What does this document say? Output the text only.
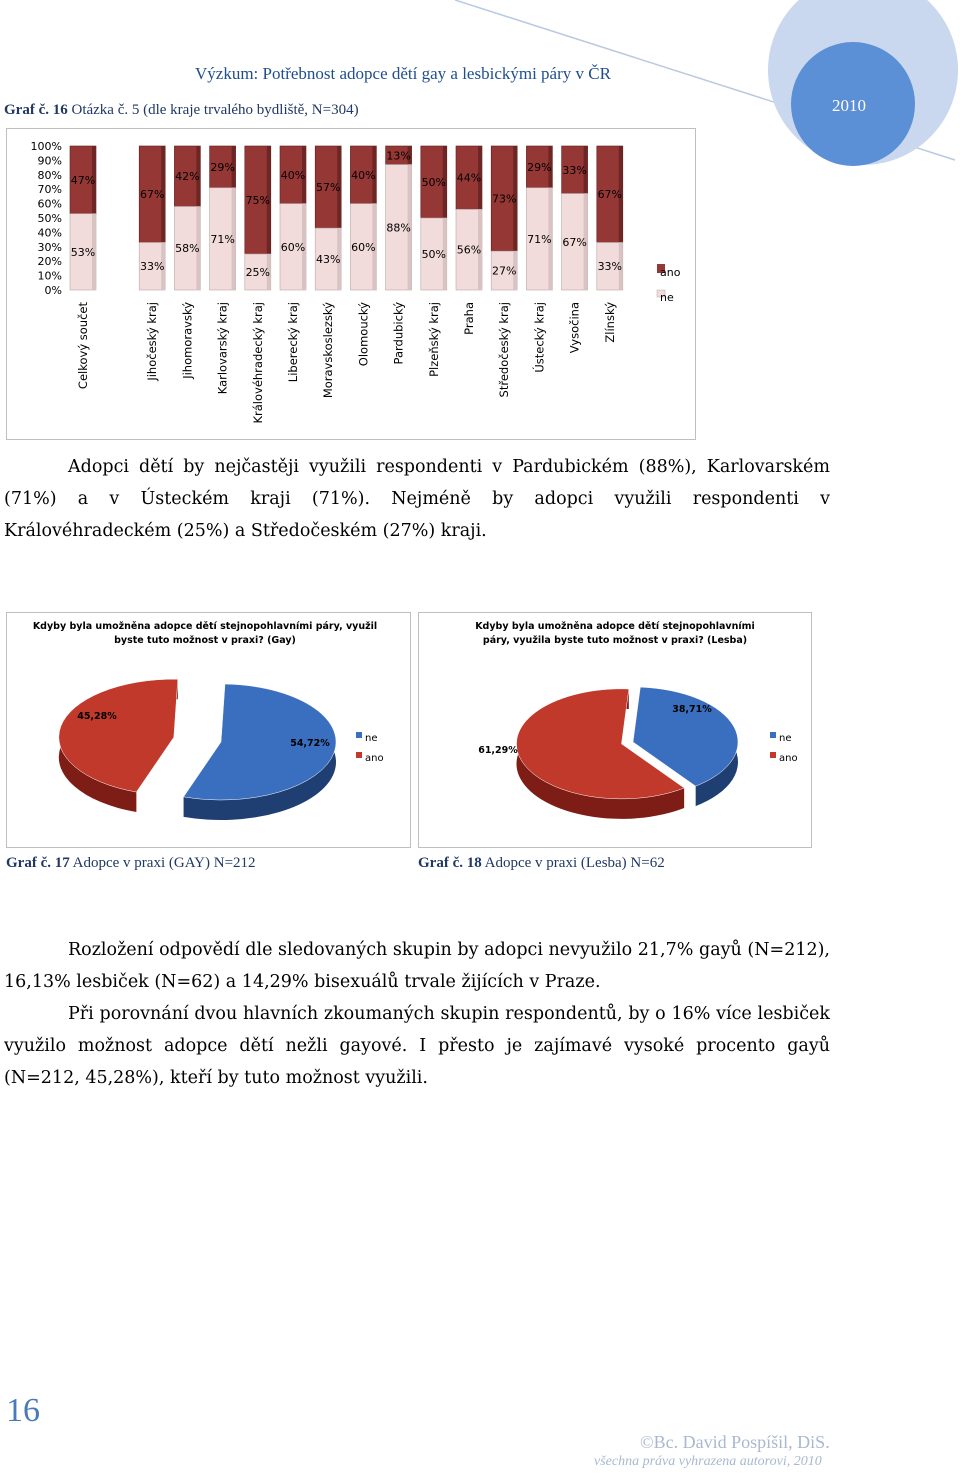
Výzkum: Potřebnost adopce dětí gay a lesbickými páry v ČR
2010
Graf č. 16 Otázka č. 5 (dle kraje trvalého bydliště, N=304)
0%
10%
20%
30%
40%
50%
60%
70%
80%
90%
100%
47%
53%
Celkový součet
67%
33%
Jihočeský kraj
42%
58%
Jihomoravský
29%
71%
Karlovarský kraj
75%
25%
Královéhradecký kraj
40%
60%
Liberecký kraj
57%
43%
Moravskoslezský
40%
60%
Olomoucký
13%
88%
Pardubický
50%
50%
Plzeňský kraj
44%
56%
Praha
73%
27%
Středočeský kraj
29%
71%
Ústecký kraj
33%
67%
Vysočina
67%
33%
Zlínský
ano
ne
Adopci dětí by nejčastěji využili respondenti v Pardubickém (88%), Karlovarském (71%) a v Ústeckém kraji (71%). Nejméně by adopci využili respondenti v Královéhradeckém (25%) a Středočeském (27%) kraji.
Kdyby byla umožněna adopce dětí stejnopohlavními páry, využil byste tuto možnost v praxi? (Gay)
Kdyby byla umožněna adopce dětí stejnopohlavními páry, využila byste tuto možnost v praxi? (Lesba)
54,72%
45,28%
ne
ano
38,71%
61,29%
ne
ano
Graf č. 17 Adopce v praxi (GAY) N=212	Graf č. 18 Adopce v praxi (Lesba) N=62

Rozložení odpovědí dle sledovaných skupin by adopci nevyužilo 21,7% gayů (N=212), 16,13% lesbiček (N=62) a 14,29% bisexuálů trvale žijících v Praze.

Při porovnání dvou hlavních zkoumaných skupin respondentů, by o 16% více lesbiček využilo možnost adopce dětí nežli gayové. I přesto je zajímavé vysoké procento gayů (N=212, 45,28%), kteří by tuto možnost využili.

16
©Bc. David Pospíšil, DiS.
všechna práva vyhrazena autorovi, 2010
